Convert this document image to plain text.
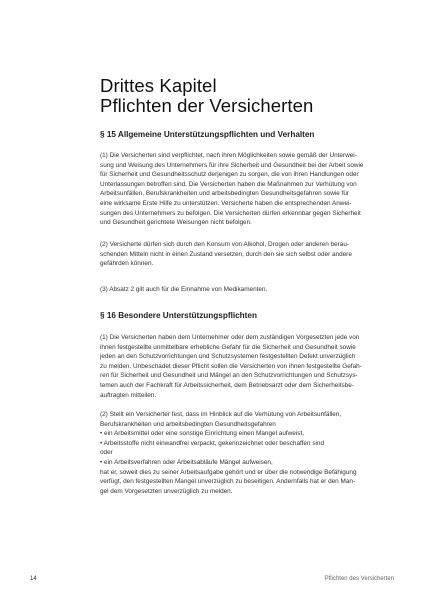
Drittes Kapitel
Pflichten der Versicherten
§ 15 Allgemeine Unterstützungspflichten und Verhalten
(1) Die Versicherten sind verpflichtet, nach ihren Möglichkeiten sowie gemäß der Unterwei-
sung und Weisung des Unternehmers für ihre Sicherheit und Gesundheit bei der Arbeit sowie
für Sicherheit und Gesundheitsschutz derjenigen zu sorgen, die von ihren Handlungen oder
Unterlassungen betroffen sind. Die Versicherten haben die Maßnahmen zur Verhütung von
Arbeitsunfällen, Berufskrankheiten und arbeitsbedingten Gesundheitsgefahren sowie für
eine wirksame Erste Hilfe zu unterstützen. Versicherte haben die entsprechenden Anwei-
sungen des Unternehmers zu befolgen. Die Versicherten dürfen erkennbar gegen Sicherheit
und Gesundheit gerichtete Weisungen nicht befolgen.
(2) Versicherte dürfen sich durch den Konsum von Alkohol, Drogen oder anderen berau-
schenden Mitteln nicht in einen Zustand versetzen, durch den sie sich selbst oder andere
gefährden können.
(3) Absatz 2 gilt auch für die Einnahme von Medikamenten.
§ 16 Besondere Unterstützungspflichten
(1) Die Versicherten haben dem Unternehmer oder dem zuständigen Vorgesetzten jede von
ihnen festgestellte unmittelbare erhebliche Gefahr für die Sicherheit und Gesundheit sowie
jeden an den Schutzvorrichtungen und Schutzsystemen festgestellten Defekt unverzüglich
zu melden. Unbeschadet dieser Pflicht sollen die Versicherten von ihnen festgestellte Gefah-
ren für Sicherheit und Gesundheit und Mängel an den Schutzvorrichtungen und Schutzsys-
temen auch der Fachkraft für Arbeitssicherheit, dem Betriebsarzt oder dem Sicherheitsbe-
auftragten mitteilen.
(2) Stellt ein Versicherter fest, dass im Hinblick auf die Verhütung von Arbeitsunfällen,
Berufskrankheiten und arbeitsbedingten Gesundheitsgefahren
• ein Arbeitsmittel oder eine sonstige Einrichtung einen Mangel aufweist,
• Arbeitsstoffe nicht einwandfrei verpackt, gekennzeichnet oder beschaffen sind
oder
• ein Arbeitsverfahren oder Arbeitsabläufe Mängel aufweisen,
hat er, soweit dies zu seiner Arbeitsaufgabe gehört und er über die notwendige Befähigung
verfügt, den festgestellten Mangel unverzüglich zu beseitigen. Andernfalls hat er den Man-
gel dem Vorgesetzten unverzüglich zu melden.
14	Pflichten des Versicherten
